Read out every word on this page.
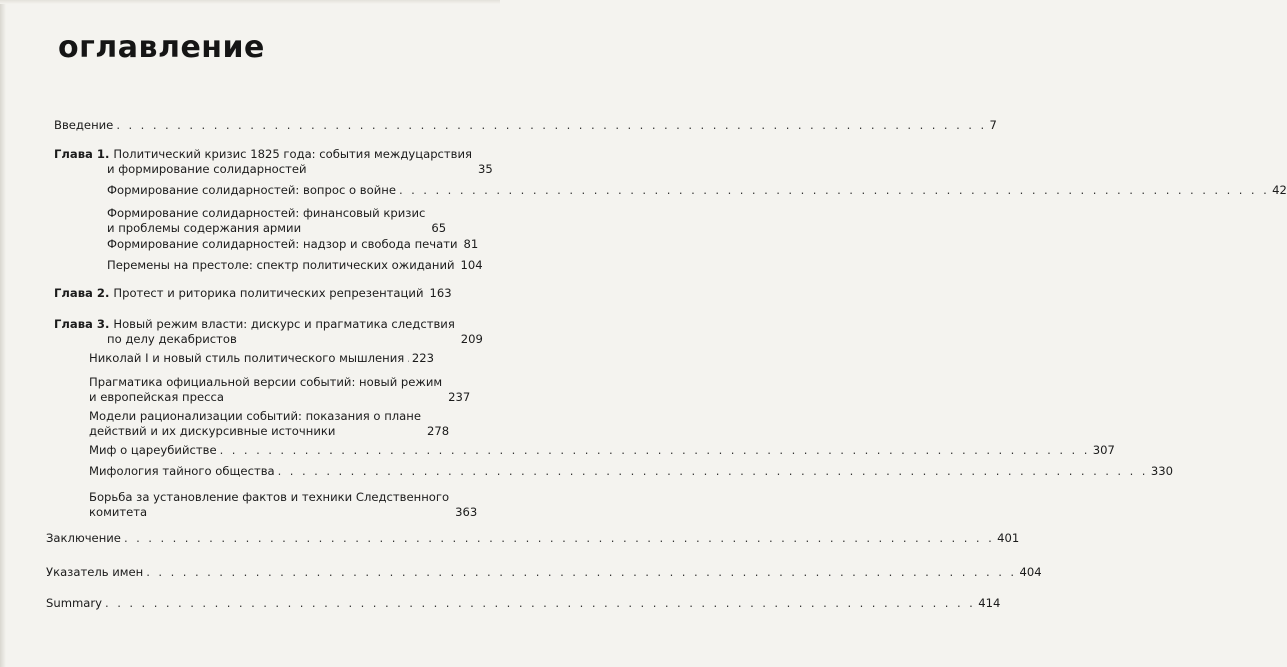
оглавление
Введение . . . . . . . . . . . . . . . . . . . . . . . . . . . . . . . . . . . . . . . . . . . . . . . . . . . . . . . . . . . . . . . . . . . . . . . . 7
Глава 1. Политический кризис 1825 года: события междуцарствия
и формирование солидарностей	35
Формирование солидарностей: вопрос о войне . . . . . . . . . . . . . . . . . . . . . . . . . . . . . . . . . . . . . . . . . . . . . . . . . . . . . . . . . . . . . . . . . . . . . . . . 42
Формирование солидарностей: финансовый кризис
и проблемы содержания армии	65
Формирование солидарностей: надзор и свобода печати 81
Перемены на престоле: спектр политических ожиданий 104
Глава 2. Протест и риторика политических репрезентаций 163
Глава 3. Новый режим власти: дискурс и прагматика следствия
по делу декабристов	209
Николай I и новый стиль политического мышления 223
Прагматика официальной версии событий: новый режим
и европейская пресса	237
Модели рационализации событий: показания о плане
действий и их дискурсивные источники	278
Миф о цареубийстве . . . . . . . . . . . . . . . . . . . . . . . . . . . . . . . . . . . . . . . . . . . . . . . . . . . . . . . . . . . . . . . . . . . . . . . . 307
Мифология тайного общества . . . . . . . . . . . . . . . . . . . . . . . . . . . . . . . . . . . . . . . . . . . . . . . . . . . . . . . . . . . . . . . . . . . . . . . . 330
Борьба за установление фактов и техники Следственного
комитета	363
Заключение . . . . . . . . . . . . . . . . . . . . . . . . . . . . . . . . . . . . . . . . . . . . . . . . . . . . . . . . . . . . . . . . . . . . . . . . 401
Указатель имен . . . . . . . . . . . . . . . . . . . . . . . . . . . . . . . . . . . . . . . . . . . . . . . . . . . . . . . . . . . . . . . . . . . . . . . . 404
Summary . . . . . . . . . . . . . . . . . . . . . . . . . . . . . . . . . . . . . . . . . . . . . . . . . . . . . . . . . . . . . . . . . . . . . . . . 414
